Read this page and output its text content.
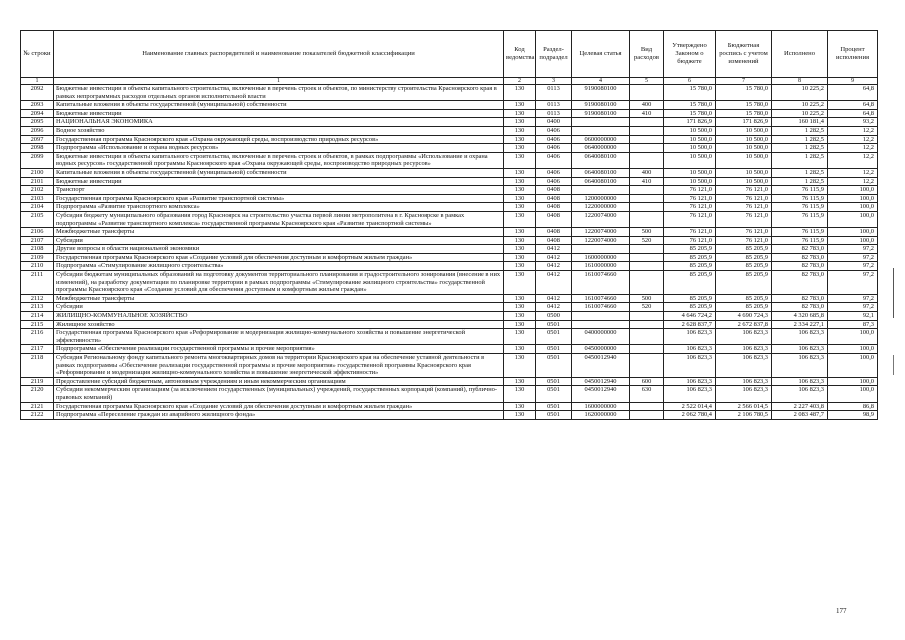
№ строки	Наименование главных распорядителей и наименование показателей бюджетной классификации	Код ведомства	Раздел-подраздел	Целевая статья	Вид расходов	Утверждено Законом о бюджете	Бюджетная роспись с учетом изменений	Исполнено	Процент исполнения
1	1	2	3	4	5	6	7	8	9
2092	Бюджетные инвестиции в объекты капитального строительства, включенные в перечень строек и объектов, по министерству строительства Красноярского края в рамках непрограммных расходов отдельных органов исполнительной власти	130	0113	9190080100		15 780,0	15 780,0	10 225,2	64,8
2093	Капитальные вложения в объекты государственной (муниципальной) собственности	130	0113	9190080100	400	15 780,0	15 780,0	10 225,2	64,8
2094	Бюджетные инвестиции	130	0113	9190080100	410	15 780,0	15 780,0	10 225,2	64,8
2095	НАЦИОНАЛЬНАЯ ЭКОНОМИКА	130	0400			171 826,9	171 826,9	160 181,4	93,2
2096	Водное хозяйство	130	0406			10 500,0	10 500,0	1 282,5	12,2
2097	Государственная программа Красноярского края «Охрана окружающей среды, воспроизводство природных ресурсов»	130	0406	0600000000		10 500,0	10 500,0	1 282,5	12,2
2098	Подпрограмма «Использование и охрана водных ресурсов»	130	0406	0640000000		10 500,0	10 500,0	1 282,5	12,2
2099	Бюджетные инвестиции в объекты капитального строительства, включенные в перечень строек и объектов, в рамках подпрограммы «Использование и охрана водных ресурсов» государственной программы Красноярского края «Охрана окружающей среды, воспроизводство природных ресурсов»	130	0406	0640080100		10 500,0	10 500,0	1 282,5	12,2
2100	Капитальные вложения в объекты государственной (муниципальной) собственности	130	0406	0640080100	400	10 500,0	10 500,0	1 282,5	12,2
2101	Бюджетные инвестиции	130	0406	0640080100	410	10 500,0	10 500,0	1 282,5	12,2
2102	Транспорт	130	0408			76 121,0	76 121,0	76 115,9	100,0
2103	Государственная программа Красноярского края «Развитие транспортной системы»	130	0408	1200000000		76 121,0	76 121,0	76 115,9	100,0
2104	Подпрограмма «Развитие транспортного комплекса»	130	0408	1220000000		76 121,0	76 121,0	76 115,9	100,0
2105	Субсидия бюджету муниципального образования город Красноярск на строительство участка первой линии метрополитена в г. Красноярске в рамках подпрограммы «Развитие транспортного комплекса» государственной программы Красноярского края «Развитие транспортной системы»	130	0408	1220074000		76 121,0	76 121,0	76 115,9	100,0
2106	Межбюджетные трансферты	130	0408	1220074000	500	76 121,0	76 121,0	76 115,9	100,0
2107	Субсидии	130	0408	1220074000	520	76 121,0	76 121,0	76 115,9	100,0
2108	Другие вопросы в области национальной экономики	130	0412			85 205,9	85 205,9	82 783,0	97,2
2109	Государственная программа Красноярского края «Создание условий для обеспечения доступным и комфортным жильем граждан»	130	0412	1600000000		85 205,9	85 205,9	82 783,0	97,2
2110	Подпрограмма «Стимулирование жилищного строительства»	130	0412	1610000000		85 205,9	85 205,9	82 783,0	97,2
2111	Субсидии бюджетам муниципальных образований на подготовку документов территориального планирования и градостроительного зонирования (внесение в них изменений), на разработку документации по планировке территории в рамках подпрограммы «Стимулирование жилищного строительства» государственной программы Красноярского края «Создание условий для обеспечения доступным и комфортным жильем граждан»	130	0412	1610074660		85 205,9	85 205,9	82 783,0	97,2
2112	Межбюджетные трансферты	130	0412	1610074660	500	85 205,9	85 205,9	82 783,0	97,2
2113	Субсидии	130	0412	1610074660	520	85 205,9	85 205,9	82 783,0	97,2
2114	ЖИЛИЩНО-КОММУНАЛЬНОЕ ХОЗЯЙСТВО	130	0500			4 646 724,2	4 690 724,3	4 320 685,8	92,1
2115	Жилищное хозяйство	130	0501			2 628 837,7	2 672 837,8	2 334 227,1	87,3
2116	Государственная программа Красноярского края «Реформирование и модернизация жилищно-коммунального хозяйства и повышение энергетической эффективности»	130	0501	0400000000		106 823,3	106 823,3	106 823,3	100,0
2117	Подпрограмма «Обеспечение реализации государственной программы и прочие мероприятия»	130	0501	0450000000		106 823,3	106 823,3	106 823,3	100,0
2118	Субсидия Региональному фонду капитального ремонта многоквартирных домов на территории Красноярского края на обеспечение уставной деятельности в рамках подпрограммы «Обеспечение реализации государственной программы и прочие мероприятия» государственной программы Красноярского края «Реформирование и модернизация жилищно-коммунального хозяйства и повышение энергетической эффективности»	130	0501	0450012940		106 823,3	106 823,3	106 823,3	100,0
2119	Предоставление субсидий бюджетным, автономным учреждениям и иным некоммерческим организациям	130	0501	0450012940	600	106 823,3	106 823,3	106 823,3	100,0
2120	Субсидии некоммерческим организациям (за исключением государственных (муниципальных) учреждений, государственных корпораций (компаний), публично-правовых компаний)	130	0501	0450012940	630	106 823,3	106 823,3	106 823,3	100,0
2121	Государственная программа Красноярского края «Создание условий для обеспечения доступным и комфортным жильем граждан»	130	0501	1600000000		2 522 014,4	2 566 014,5	2 227 403,8	86,8
2122	Подпрограмма «Переселение граждан из аварийного жилищного фонда»	130	0501	1620000000		2 062 780,4	2 106 780,5	2 083 487,7	98,9
177
